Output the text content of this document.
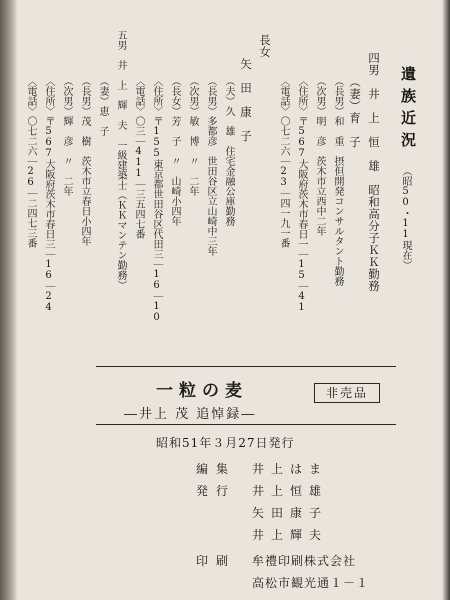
遺族近況
（昭50・11現在）
四男　井　上　恒　雄　昭和高分子ＫＫ勤務
（妻）育　子
（長男）和　重　摂但開発コンサルタント勤務
（次男）明　彦　茨木市立西中二年
〈住所〉〒567大阪府茨木市春日一｜15｜41
〈電話〉〇七二六｜23｜四一九一番
長女
矢　田　康　子
（夫）久　雄　住宅金融公庫勤務
（長男）多都彦　世田谷区立山崎中三年
（次男）敏　博　〃　二年
（長女）芳　子　〃　山崎小四年
〈住所〉〒155東京都世田谷区代田三｜16｜10
〈電話〉〇三｜411｜三五四七番
五男　井　上　輝　夫　一級建築士（ＫＫマンテン勤務）
（妻）恵　子
（長男）茂　樹　茨木市立春日小四年
（次男）輝　彦　〃　二年
〈住所〉〒567大阪府茨木市春日三｜16｜24
〈電話〉〇七二六｜26｜二四七三番
一粒の麦	非売品
―井上 茂 追悼録―
昭和51年３月27日発行
編集 井上はま
発行 井上恒雄
矢田康子
井上輝夫
印刷 牟禮印刷株式会社
高松市観光通１－１
